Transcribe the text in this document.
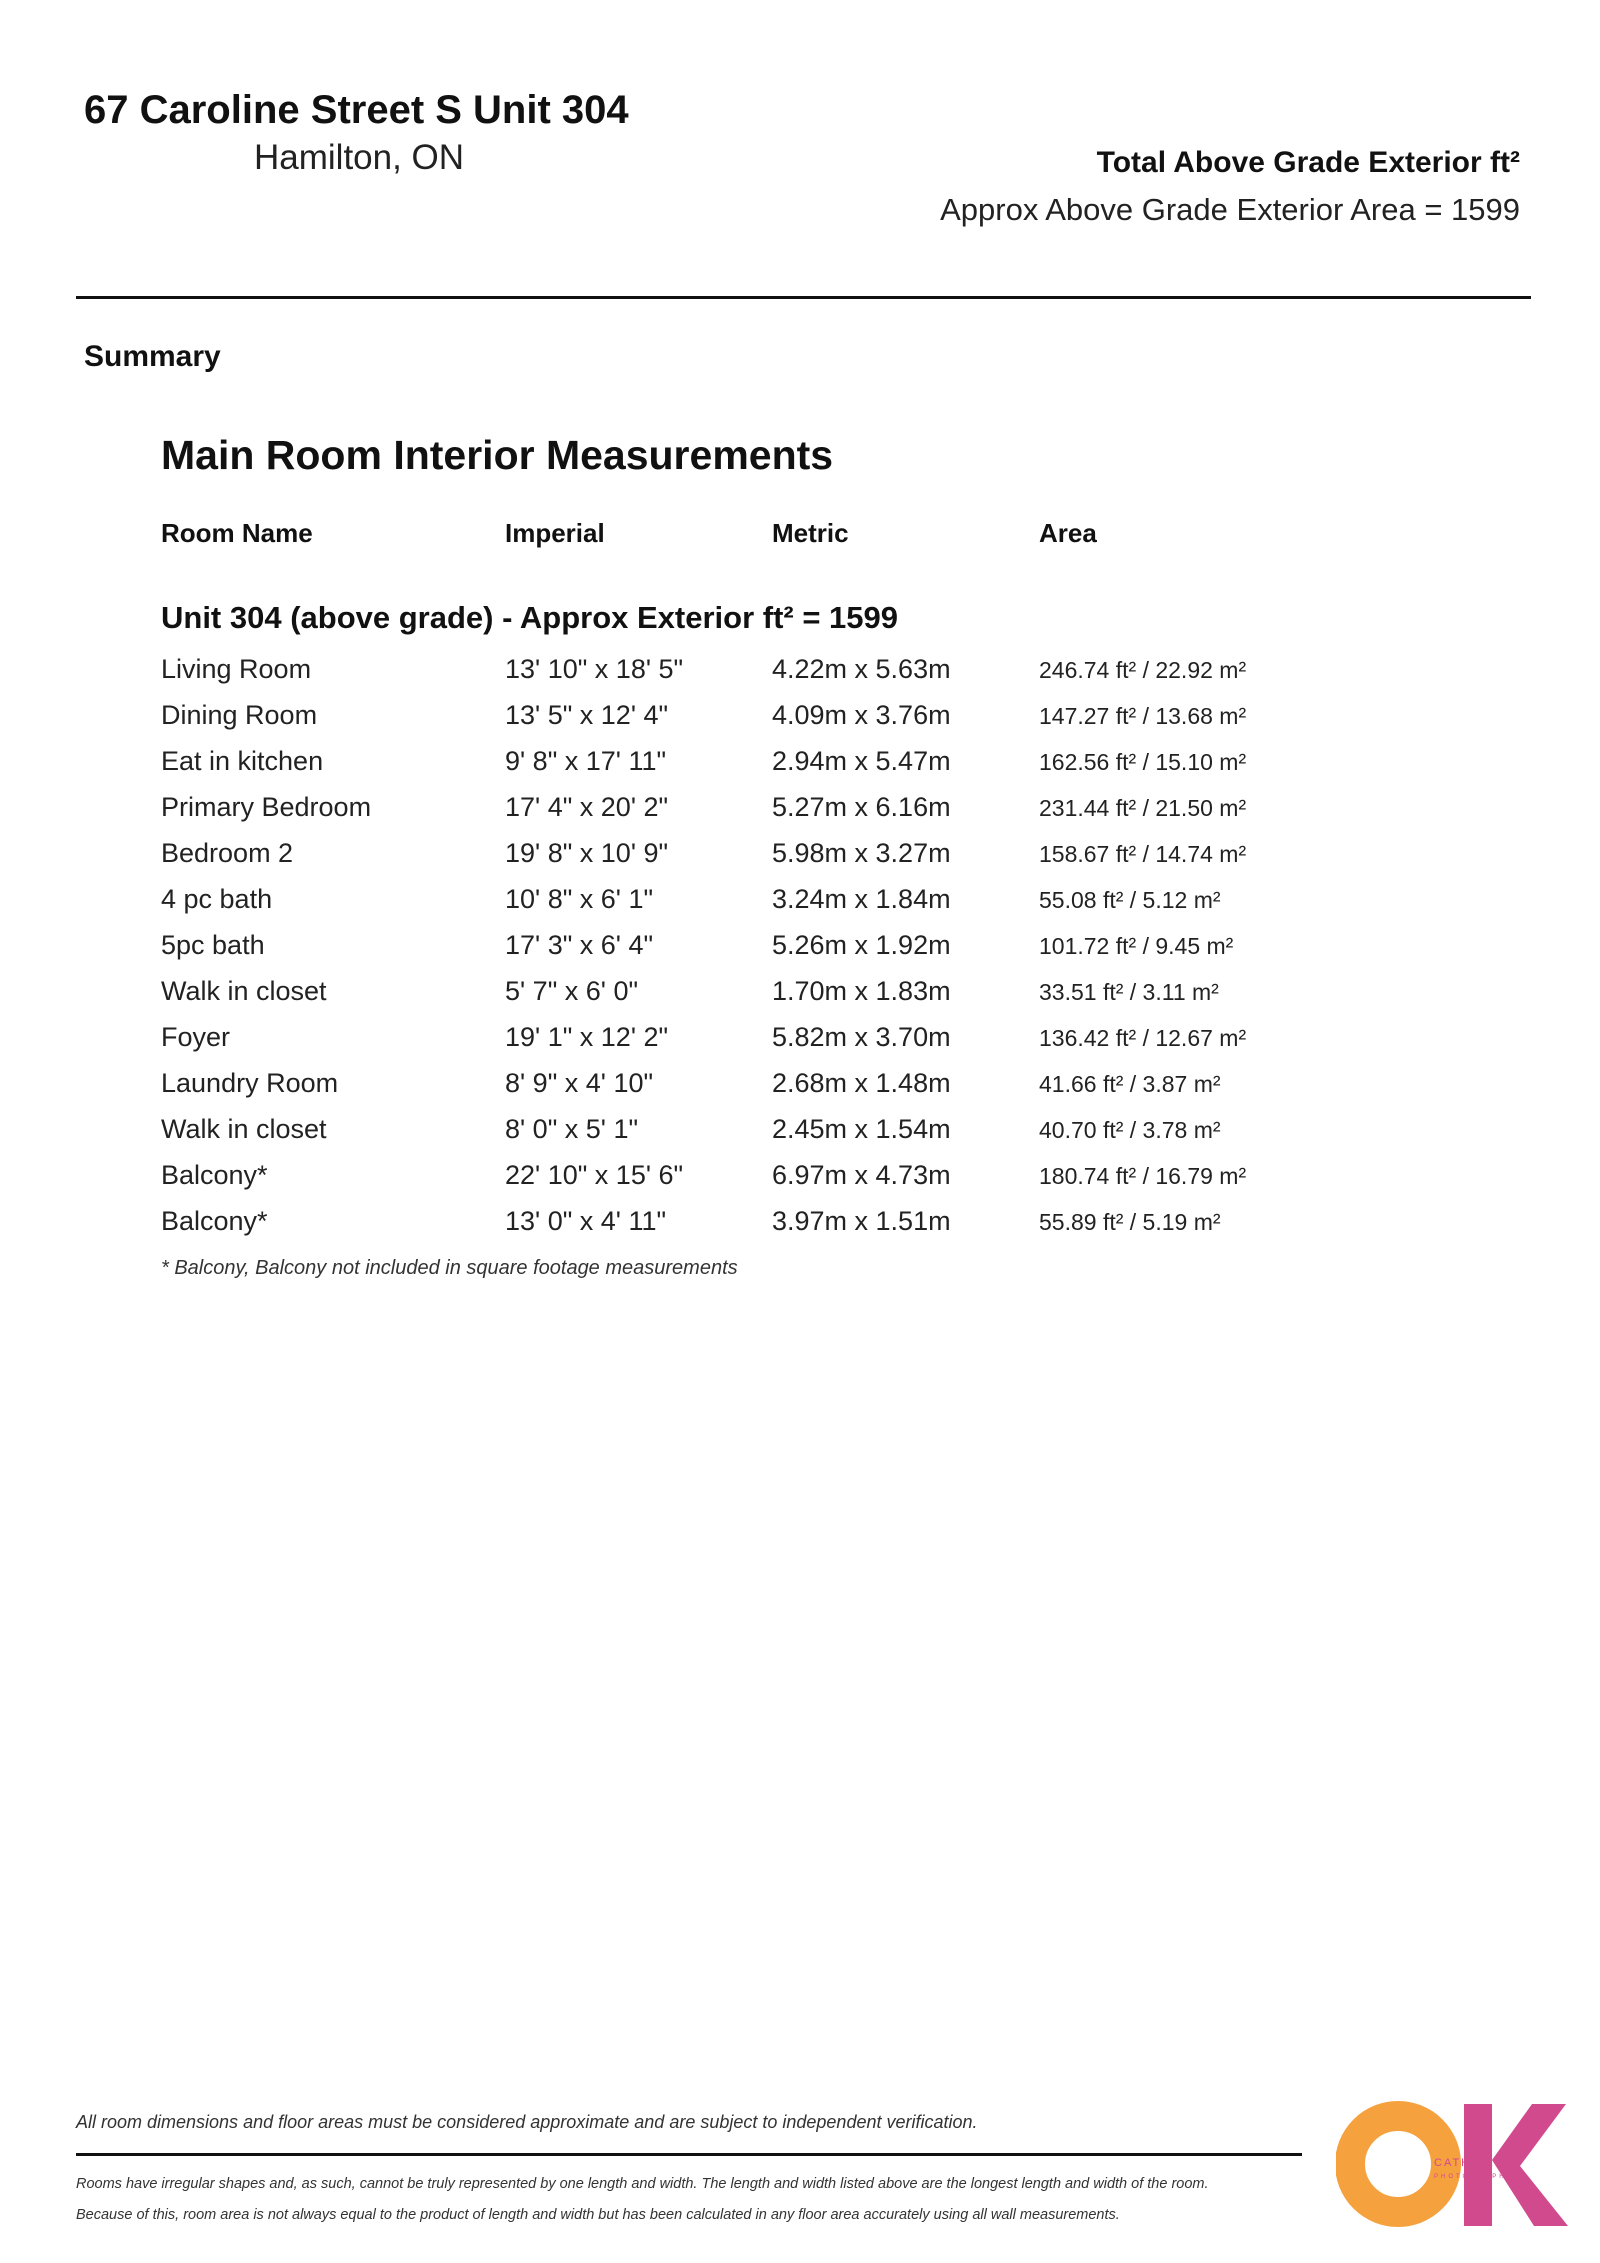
67 Caroline Street S Unit 304
Hamilton, ON	Total Above Grade Exterior ft²
Approx Above Grade Exterior Area = 1599
Summary
Main Room Interior Measurements
Room Name	Imperial	Metric	Area
Unit 304 (above grade) - Approx Exterior ft² = 1599
Living Room	13' 10" x 18' 5"	4.22m x 5.63m	246.74 ft² / 22.92 m²
Dining Room	13' 5" x 12' 4"	4.09m x 3.76m	147.27 ft² / 13.68 m²
Eat in kitchen	9' 8" x 17' 11"	2.94m x 5.47m	162.56 ft² / 15.10 m²
Primary Bedroom	17' 4" x 20' 2"	5.27m x 6.16m	231.44 ft² / 21.50 m²
Bedroom 2	19' 8" x 10' 9"	5.98m x 3.27m	158.67 ft² / 14.74 m²
4 pc bath	10' 8" x 6' 1"	3.24m x 1.84m	55.08 ft² / 5.12 m²
5pc bath	17' 3" x 6' 4"	5.26m x 1.92m	101.72 ft² / 9.45 m²
Walk in closet	5' 7" x 6' 0"	1.70m x 1.83m	33.51 ft² / 3.11 m²
Foyer	19' 1" x 12' 2"	5.82m x 3.70m	136.42 ft² / 12.67 m²
Laundry Room	8' 9" x 4' 10"	2.68m x 1.48m	41.66 ft² / 3.87 m²
Walk in closet	8' 0" x 5' 1"	2.45m x 1.54m	40.70 ft² / 3.78 m²
Balcony*	22' 10" x 15' 6"	6.97m x 4.73m	180.74 ft² / 16.79 m²
Balcony*	13' 0" x 4' 11"	3.97m x 1.51m	55.89 ft² / 5.19 m²
* Balcony, Balcony not included in square footage measurements
All room dimensions and floor areas must be considered approximate and are subject to independent verification.
Rooms have irregular shapes and, as such, cannot be truly represented by one length and width. The length and width listed above are the longest length and width of the room.
Because of this, room area is not always equal to the product of length and width but has been calculated in any floor area accurately using all wall measurements.
CATHY KOOP
PHOTOGRAPHY
